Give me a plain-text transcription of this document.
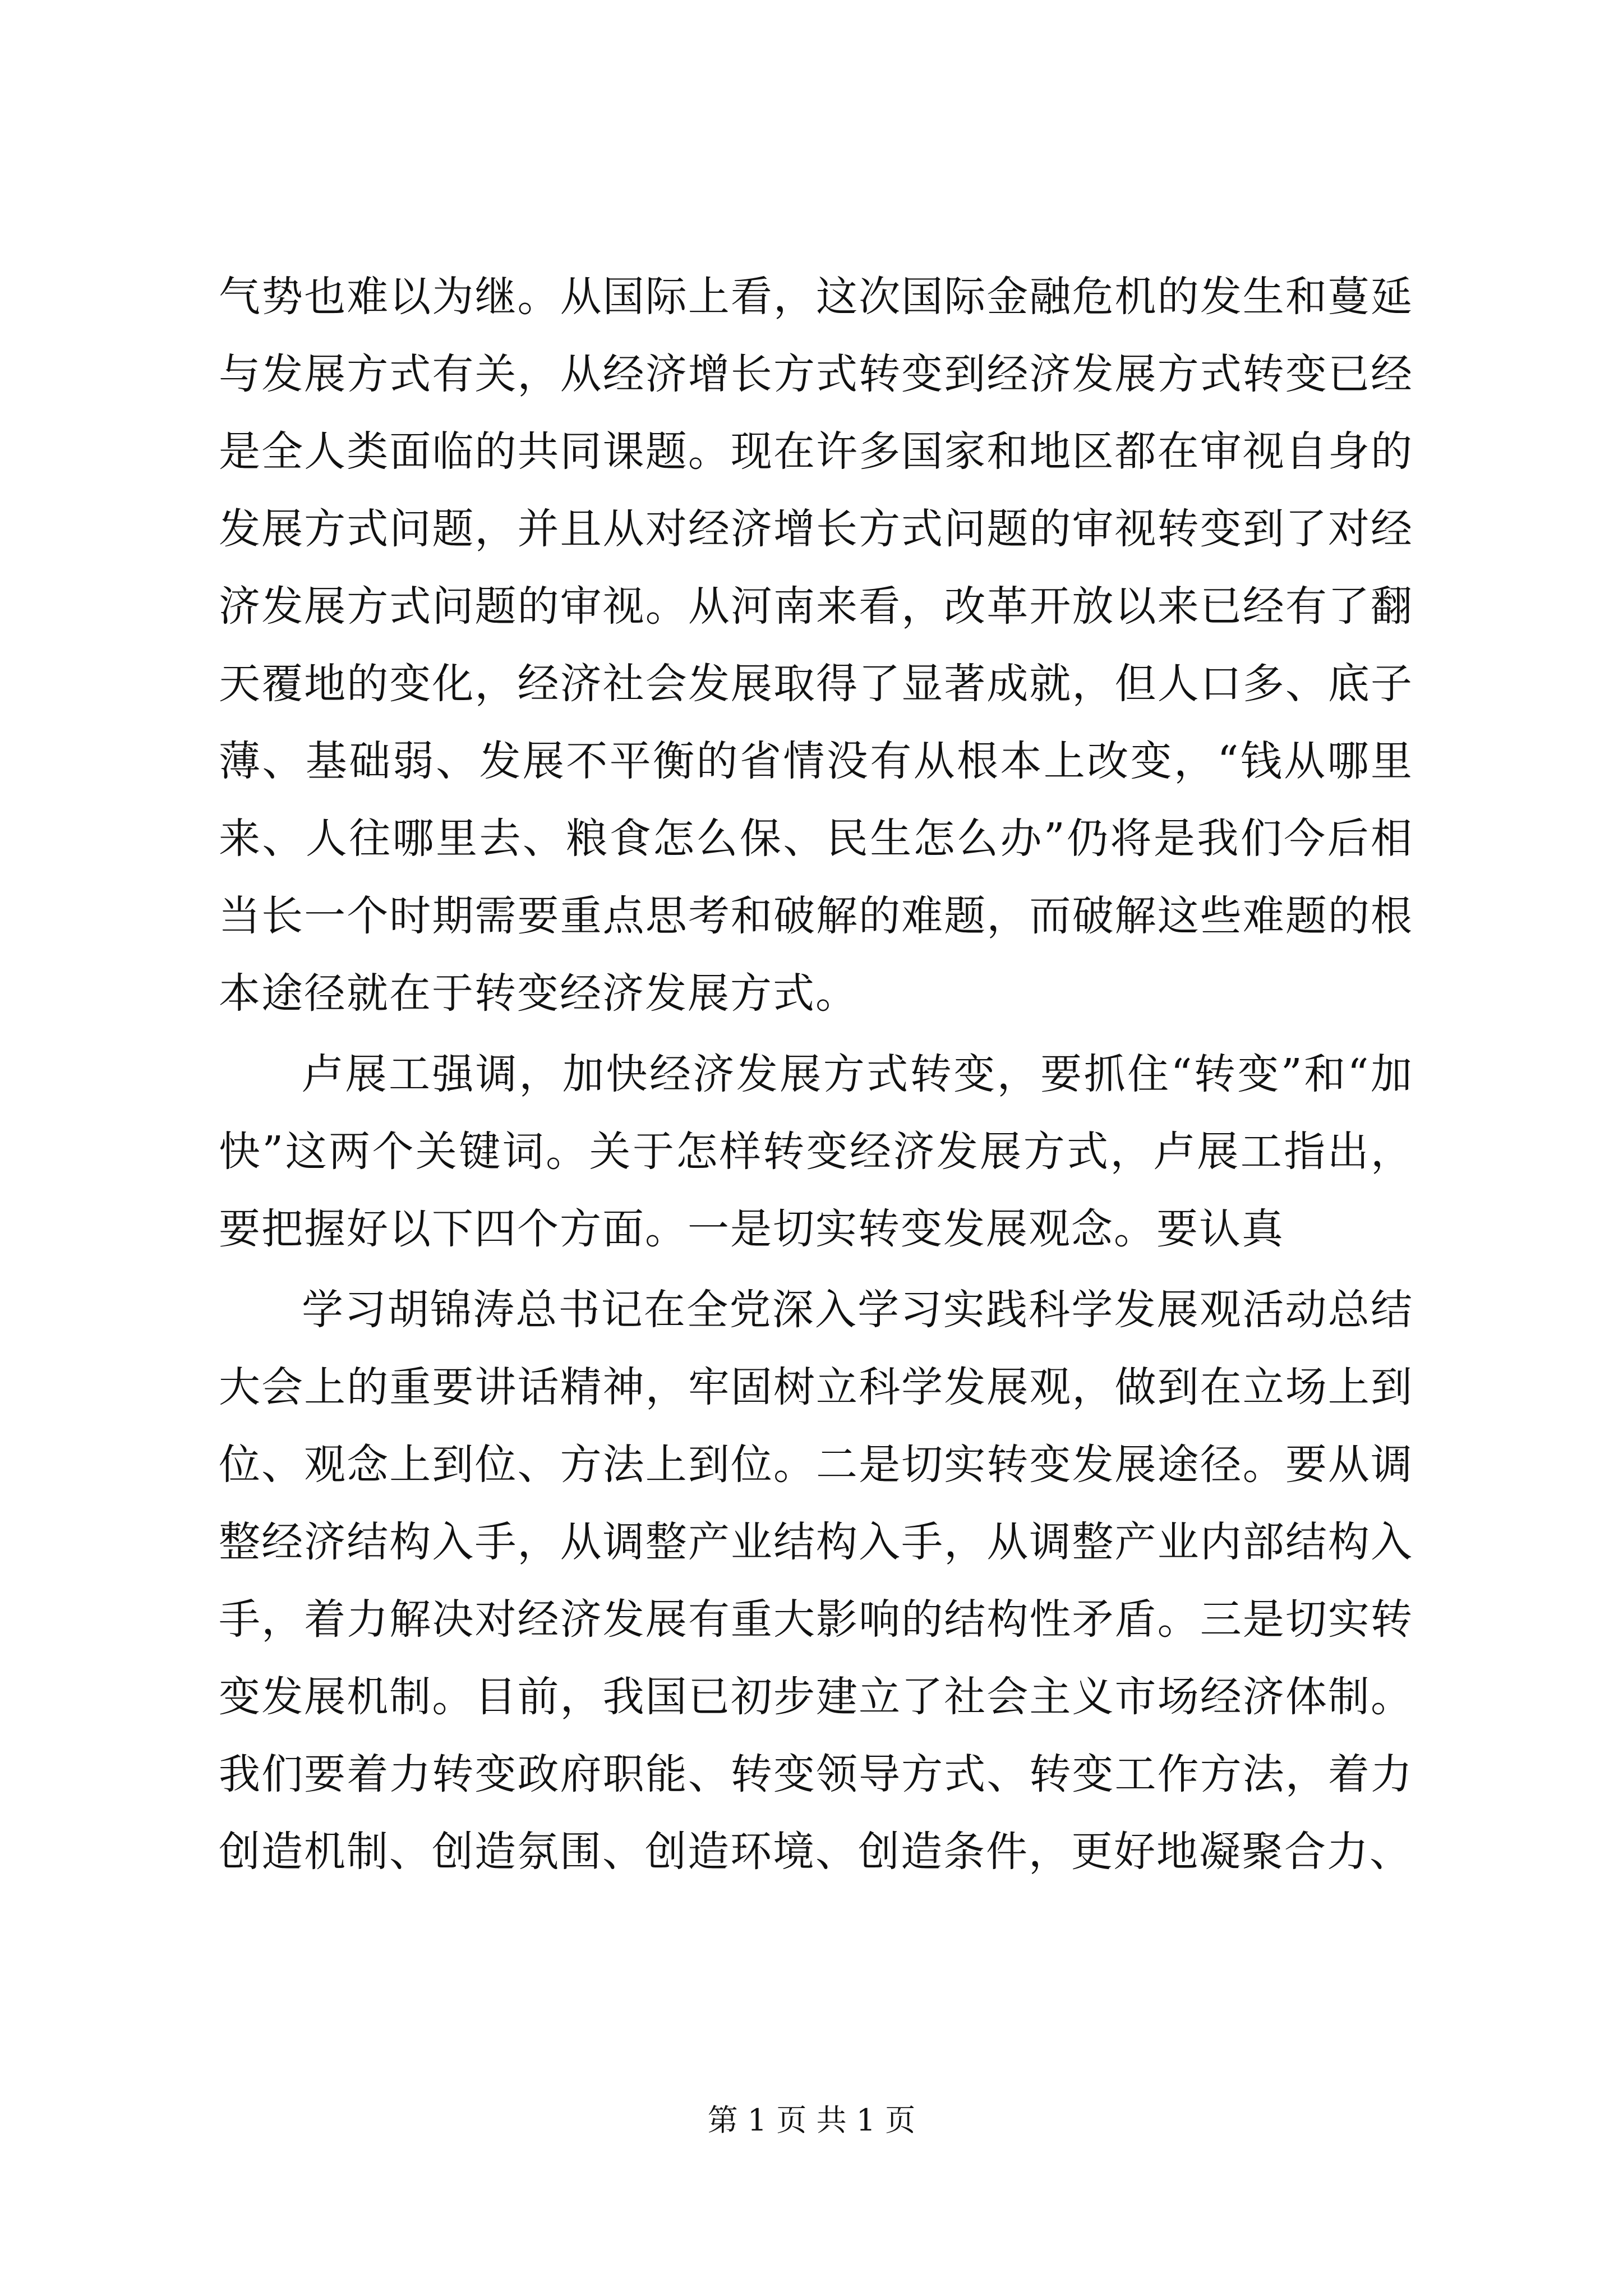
气势也难以为继。从国际上看，这次国际金融危机的发生和蔓延与发展方式有关，从经济增长方式转变到经济发展方式转变已经是全人类面临的共同课题。现在许多国家和地区都在审视自身的发展方式问题，并且从对经济增长方式问题的审视转变到了对经济发展方式问题的审视。从河南来看，改革开放以来已经有了翻天覆地的变化，经济社会发展取得了显著成就，但人口多、底子薄、基础弱、发展不平衡的省情没有从根本上改变，“钱从哪里来、人往哪里去、粮食怎么保、民生怎么办”仍将是我们今后相当长一个时期需要重点思考和破解的难题，而破解这些难题的根本途径就在于转变经济发展方式。

卢展工强调，加快经济发展方式转变，要抓住“转变”和“加快”这两个关键词。关于怎样转变经济发展方式，卢展工指出，要把握好以下四个方面。一是切实转变发展观念。要认真

学习胡锦涛总书记在全党深入学习实践科学发展观活动总结大会上的重要讲话精神，牢固树立科学发展观，做到在立场上到位、观念上到位、方法上到位。二是切实转变发展途径。要从调整经济结构入手，从调整产业结构入手，从调整产业内部结构入手，着力解决对经济发展有重大影响的结构性矛盾。三是切实转变发展机制。目前，我国已初步建立了社会主义市场经济体制。我们要着力转变政府职能、转变领导方式、转变工作方法，着力创造机制、创造氛围、创造环境、创造条件，更好地凝聚合力、

第 1 页 共 1 页
